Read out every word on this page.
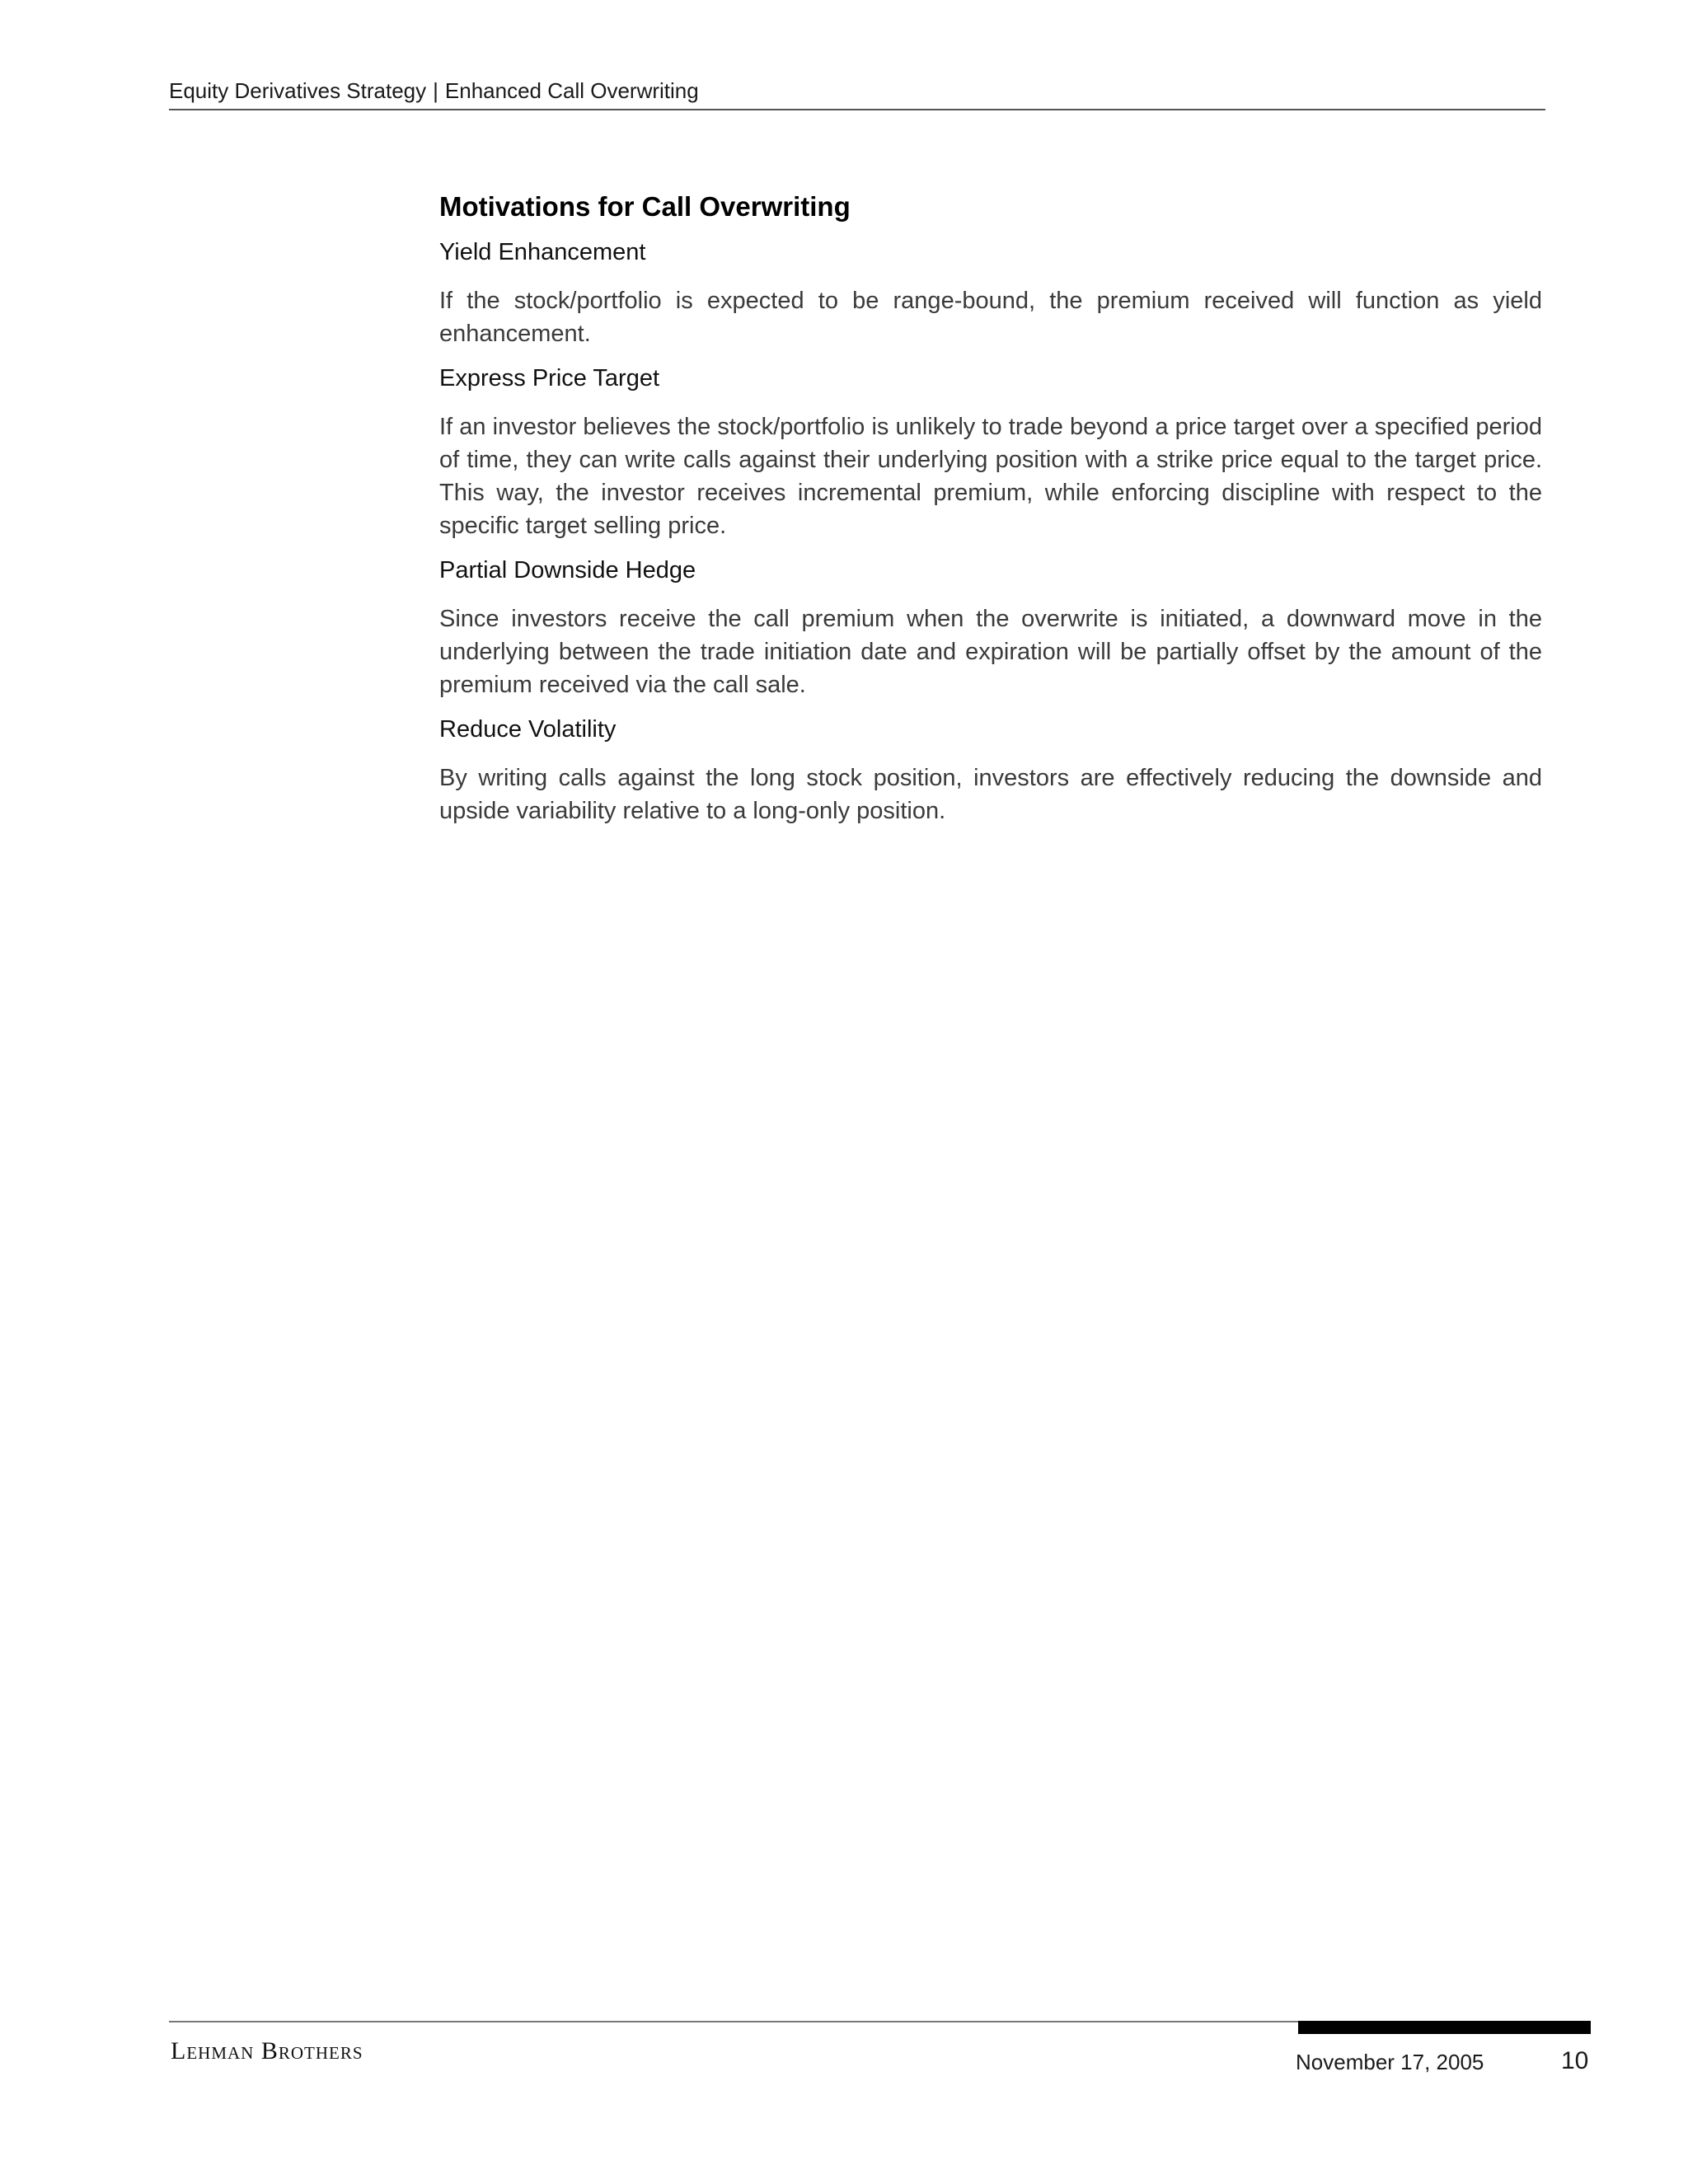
Equity Derivatives Strategy | Enhanced Call Overwriting
Motivations for Call Overwriting
Yield Enhancement
If the stock/portfolio is expected to be range-bound, the premium received will function as yield enhancement.
Express Price Target
If an investor believes the stock/portfolio is unlikely to trade beyond a price target over a specified period of time, they can write calls against their underlying position with a strike price equal to the target price. This way, the investor receives incremental premium, while enforcing discipline with respect to the specific target selling price.
Partial Downside Hedge
Since investors receive the call premium when the overwrite is initiated, a downward move in the underlying between the trade initiation date and expiration will be partially offset by the amount of the premium received via the call sale.
Reduce Volatility
By writing calls against the long stock position, investors are effectively reducing the downside and upside variability relative to a long-only position.
Lehman Brothers	November 17, 2005	10
